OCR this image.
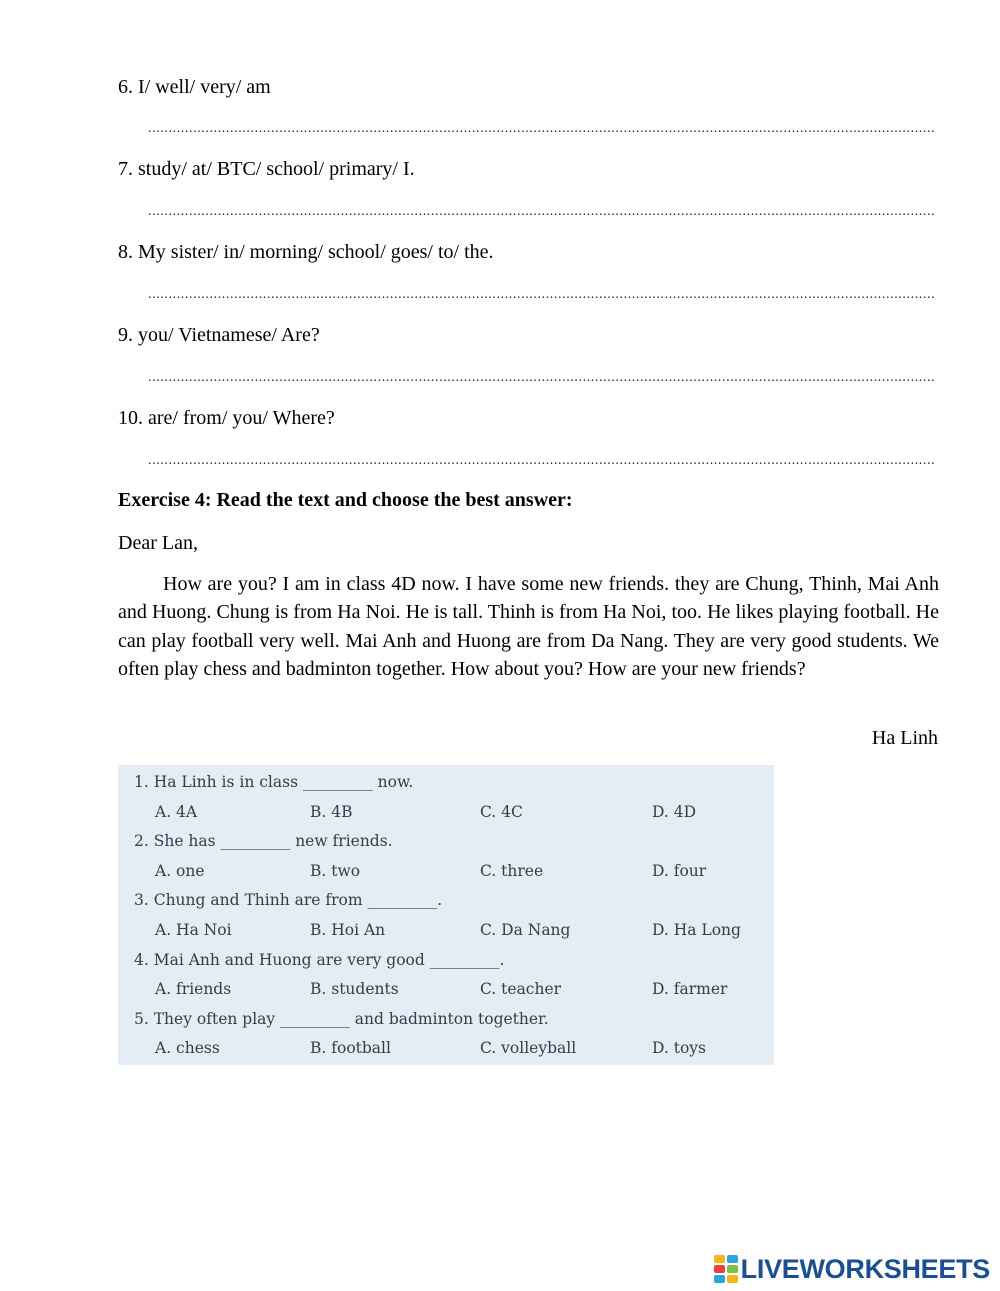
6. I/ well/ very/ am
................................................................................................................................................................................................
7. study/ at/ BTC/ school/ primary/ I.
................................................................................................................................................................................................
8. My sister/ in/ morning/ school/ goes/ to/ the.
................................................................................................................................................................................................
9. you/ Vietnamese/ Are?
................................................................................................................................................................................................
10. are/ from/ you/ Where?
................................................................................................................................................................................................
Exercise 4: Read the text and choose the best answer:
Dear Lan,
How are you? I am in class 4D now. I have some new friends. they are Chung, Thinh, Mai Anh and Huong. Chung is from Ha Noi. He is tall. Thinh is from Ha Noi, too. He likes playing football. He can play football very well. Mai Anh and Huong are from Da Nang. They are very good students. We often play chess and badminton together. How about you? How are your new friends?
Ha Linh
1. Ha Linh is in class _________ now.
A. 4A	B. 4B	C. 4C	D. 4D
2. She has _________ new friends.
A. one	B. two	C. three	D. four
3. Chung and Thinh are from _________.
A. Ha Noi	B. Hoi An	C. Da Nang	D. Ha Long
4. Mai Anh and Huong are very good _________.
A. friends	B. students	C. teacher	D. farmer
5. They often play _________ and badminton together.
A. chess	B. football	C. volleyball	D. toys
LIVEWORKSHEETS
